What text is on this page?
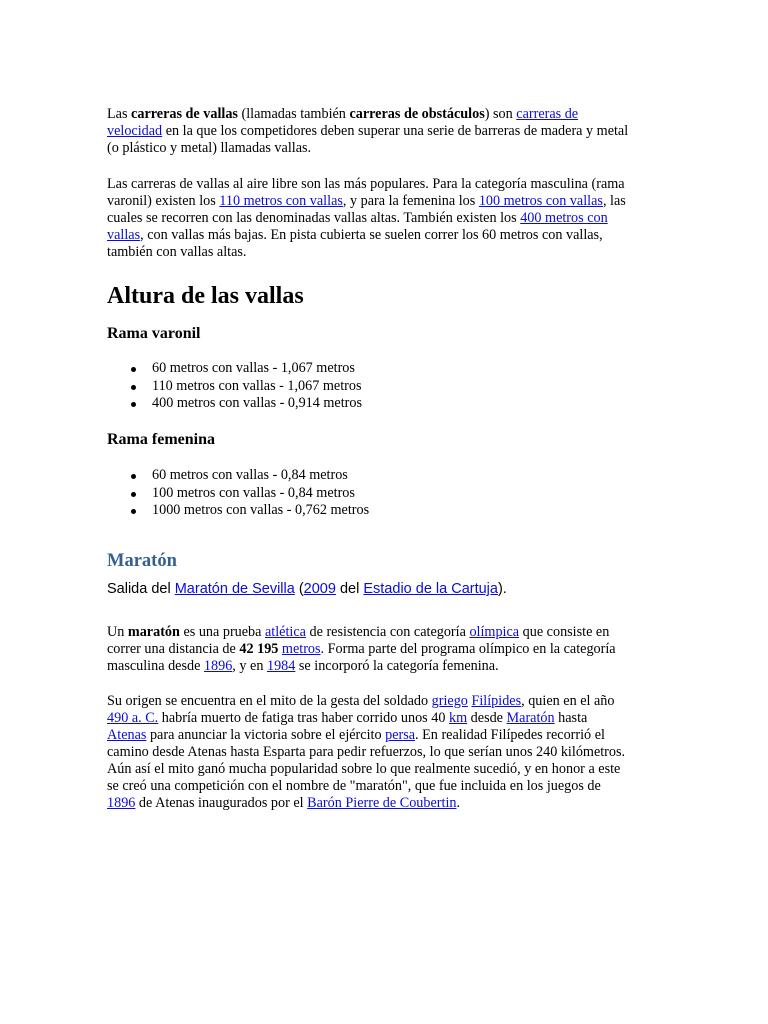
Las carreras de vallas (llamadas también carreras de obstáculos) son carreras de
velocidad en la que los competidores deben superar una serie de barreras de madera y metal
(o plástico y metal) llamadas vallas.

Las carreras de vallas al aire libre son las más populares. Para la categoría masculina (rama
varonil) existen los 110 metros con vallas, y para la femenina los 100 metros con vallas, las
cuales se recorren con las denominadas vallas altas. También existen los 400 metros con
vallas, con vallas más bajas. En pista cubierta se suelen correr los 60 metros con vallas,
también con vallas altas.

Altura de las vallas
Rama varonil
60 metros con vallas - 1,067 metros
110 metros con vallas - 1,067 metros
400 metros con vallas - 0,914 metros
Rama femenina
60 metros con vallas - 0,84 metros
100 metros con vallas - 0,84 metros
1000 metros con vallas - 0,762 metros
Maratón

Salida del Maratón de Sevilla (2009 del Estadio de la Cartuja).

Un maratón es una prueba atlética de resistencia con categoría olímpica que consiste en
correr una distancia de 42 195 metros. Forma parte del programa olímpico en la categoría
masculina desde 1896, y en 1984 se incorporó la categoría femenina.

Su origen se encuentra en el mito de la gesta del soldado griego Filípides, quien en el año
490 a. C. habría muerto de fatiga tras haber corrido unos 40 km desde Maratón hasta
Atenas para anunciar la victoria sobre el ejército persa. En realidad Filípedes recorrió el
camino desde Atenas hasta Esparta para pedir refuerzos, lo que serían unos 240 kilómetros.
Aún así el mito ganó mucha popularidad sobre lo que realmente sucedió, y en honor a este
se creó una competición con el nombre de "maratón", que fue incluida en los juegos de
1896 de Atenas inaugurados por el Barón Pierre de Coubertin.
